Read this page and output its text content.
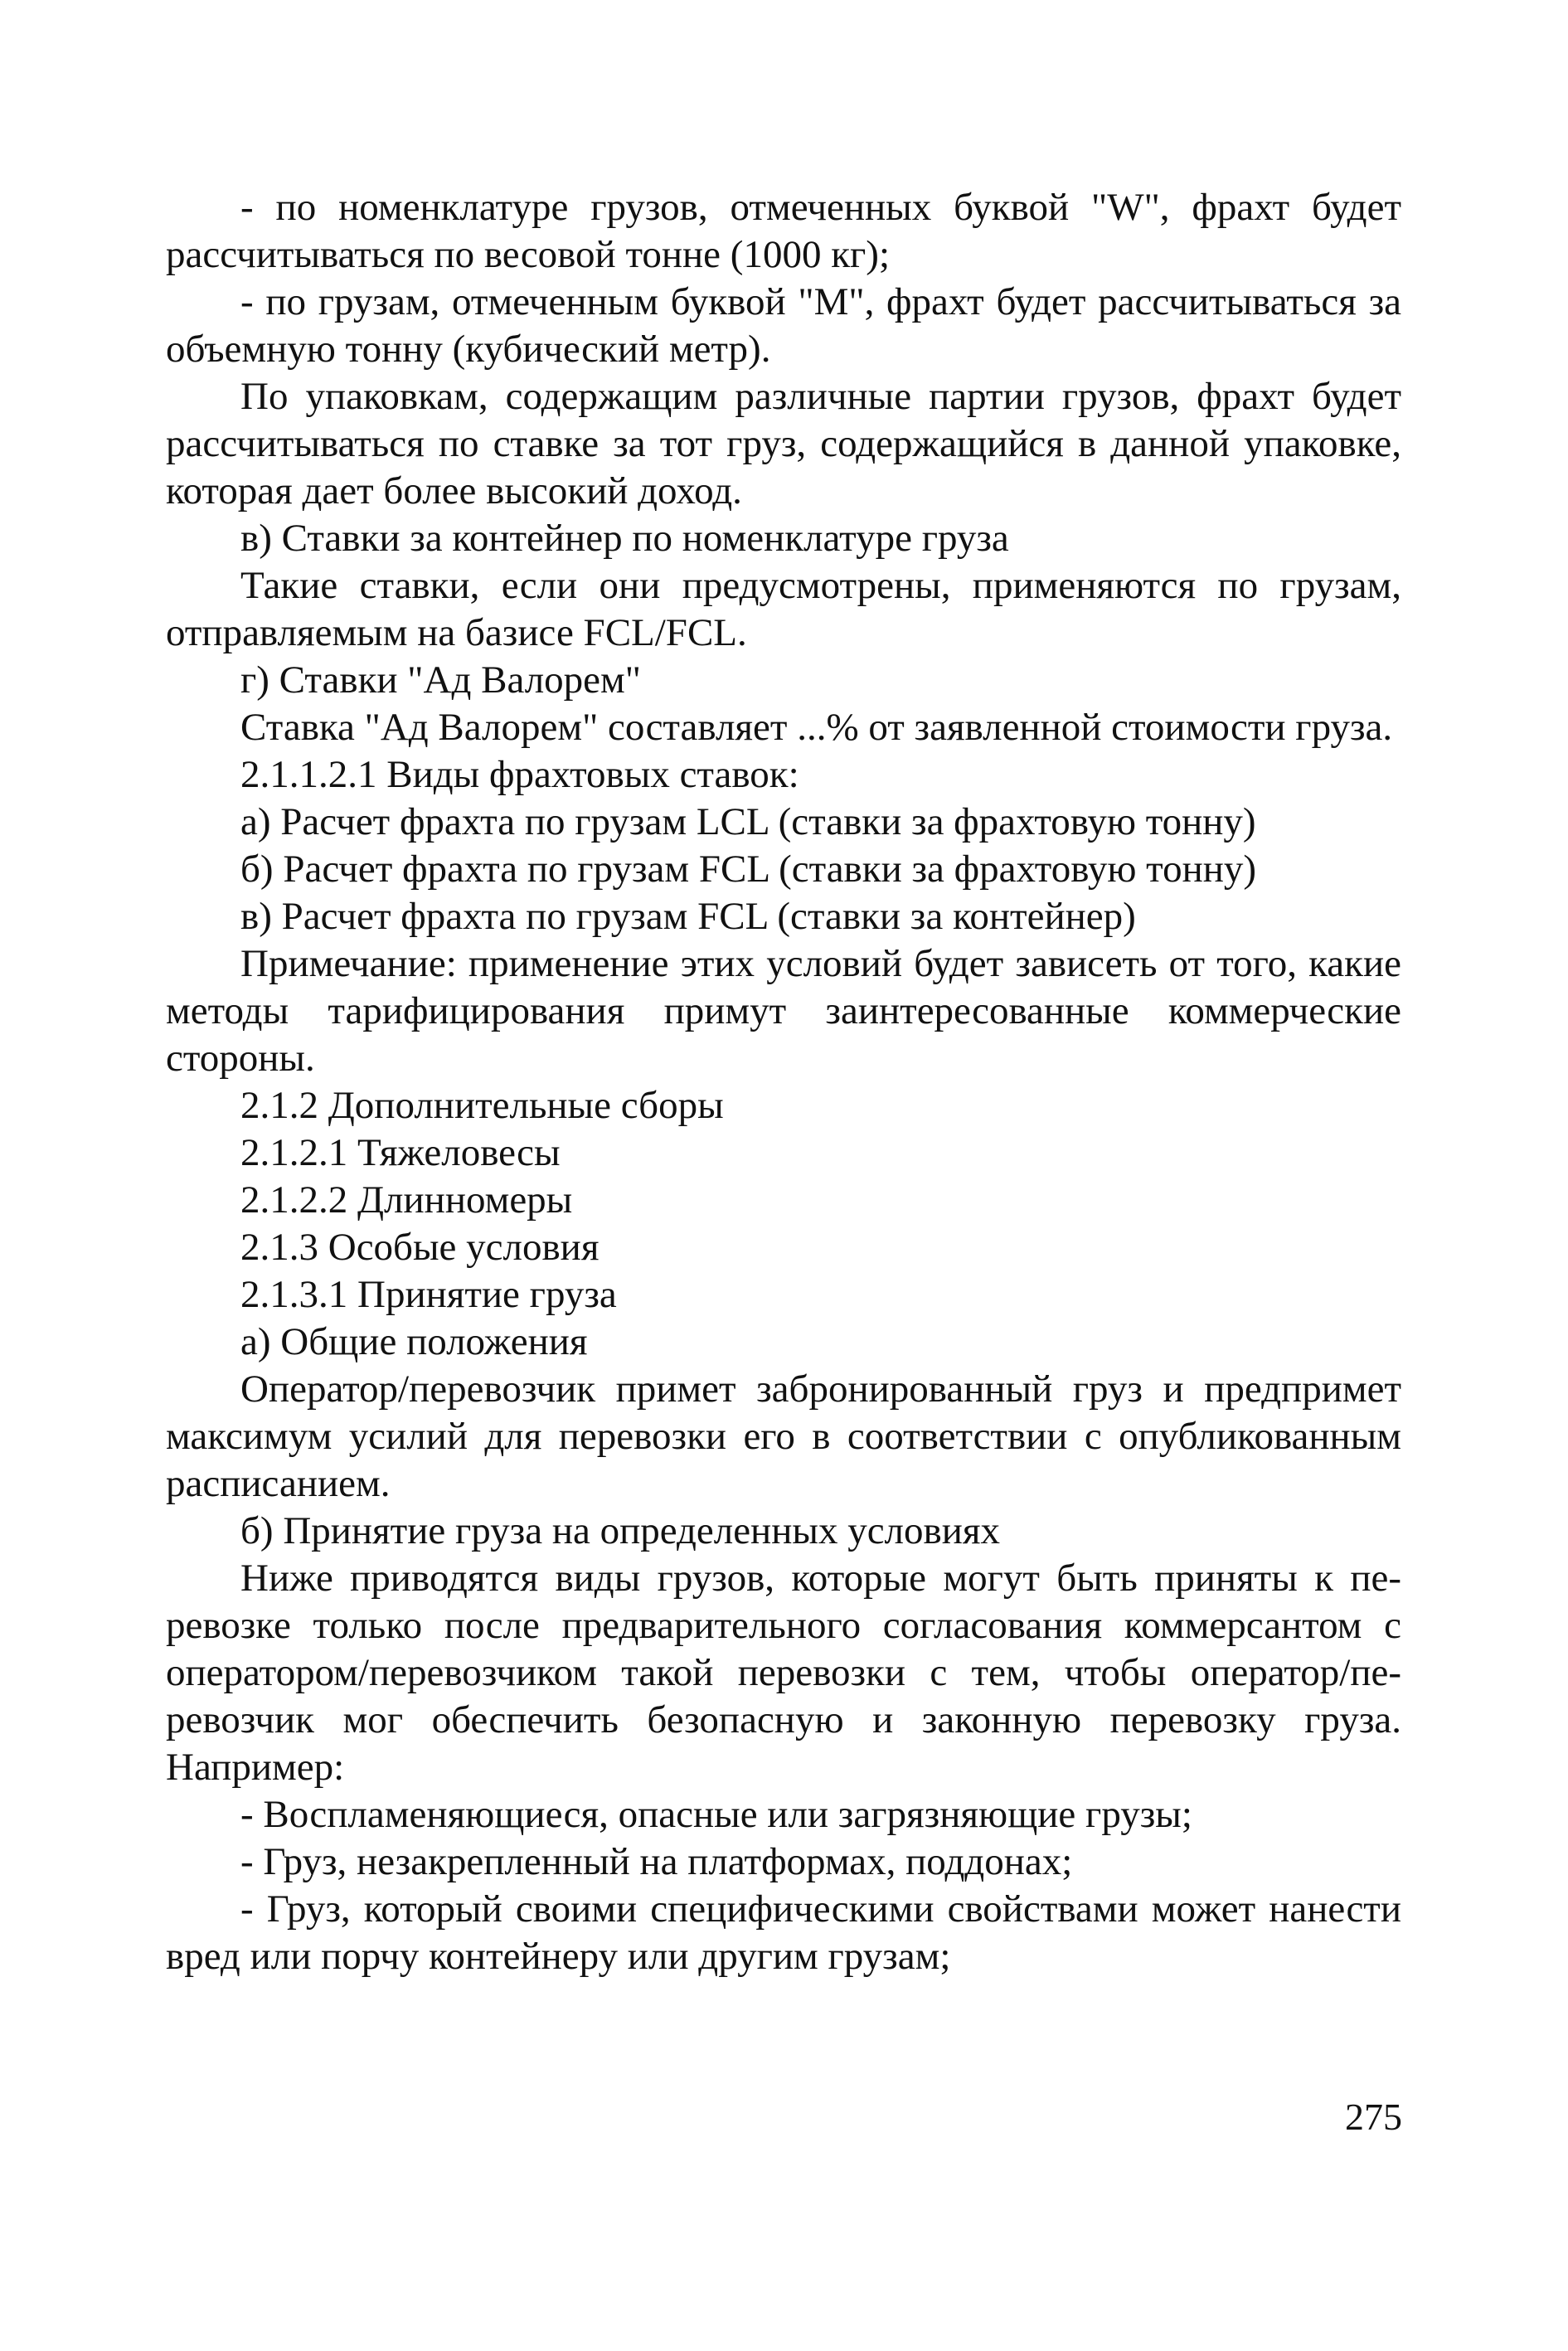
- по номенклатуре грузов, отмеченных буквой "W", фрахт будет рассчитываться по весовой тонне (1000 кг);

- по грузам, отмеченным буквой "М", фрахт будет рассчитываться за объемную тонну (кубический метр).

По упаковкам, содержащим различные партии грузов, фрахт будет рассчитываться по ставке за тот груз, содержащийся в данной упаковке, которая дает более высокий доход.

в) Ставки за контейнер по номенклатуре груза

Такие ставки, если они предусмотрены, применяются по грузам, отправляемым на базисе FCL/FCL.

г) Ставки "Ад Валорем"

Ставка "Ад Валорем" составляет ...% от заявленной стоимости груза.

2.1.1.2.1 Виды фрахтовых ставок:

а) Расчет фрахта по грузам LCL (ставки за фрахтовую тонну)

б) Расчет фрахта по грузам FCL (ставки за фрахтовую тонну)

в) Расчет фрахта по грузам FCL (ставки за контейнер)

Примечание: применение этих условий будет зависеть от того, какие методы тарифицирования примут заинтересованные коммерческие стороны.

2.1.2 Дополнительные сборы

2.1.2.1 Тяжеловесы

2.1.2.2 Длинномеры

2.1.3 Особые условия

2.1.3.1 Принятие груза

а) Общие положения

Оператор/перевозчик примет забронированный груз и предпримет максимум усилий для перевозки его в соответствии с опубликованным расписанием.

б) Принятие груза на определенных условиях

Ниже приводятся виды грузов, которые могут быть приняты к перевозке только после предварительного согласования коммерсантом с оператором/перевозчиком такой перевозки с тем, чтобы оператор/перевозчик мог обеспечить безопасную и законную перевозку груза. Например:

- Воспламеняющиеся, опасные или загрязняющие грузы;

- Груз, незакрепленный на платформах, поддонах;

- Груз, который своими специфическими свойствами может нанести вред или порчу контейнеру или другим грузам;

275
